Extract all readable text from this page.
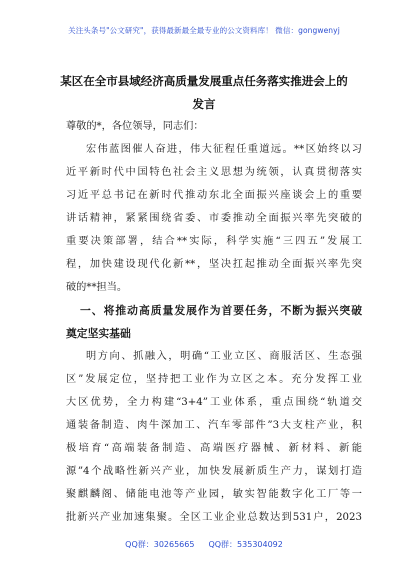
关注头条号"公文研究"，获得最新最全最专业的公文资料库！ 微信：gongwenyj
某区在全市县域经济高质量发展重点任务落实推进会上的
发言
尊敬的*，各位领导，同志们：
宏伟蓝图催人奋进，伟大征程任重道远。**区始终以习
近平新时代中国特色社会主义思想为统领，认真贯彻落实
习近平总书记在新时代推动东北全面振兴座谈会上的重要
讲话精神，紧紧围绕省委、市委推动全面振兴率先突破的
重要决策部署，结合**实际，科学实施“三四五”发展工
程，加快建设现代化新**，坚决扛起推动全面振兴率先突
破的**担当。
一、将推动高质量发展作为首要任务，不断为振兴突破
奠定坚实基础
明方向、抓融入，明确“工业立区、商服活区、生态强
区”发展定位，坚持把工业作为立区之本。充分发挥工业
大区优势，全力构建“3+4”工业体系，重点围绕“轨道交
通装备制造、肉牛深加工、汽车零部件”3大支柱产业，积
极培育“高端装备制造、高端医疗器械、新材料、新能
源”4个战略性新兴产业，加快发展新质生产力，谋划打造
聚麒麟阁、储能电池等产业园，敏实智能数字化工厂等一
批新兴产业加速集聚。全区工业企业总数达到531户，2023
QQ群：30265665 QQ群：535304092
